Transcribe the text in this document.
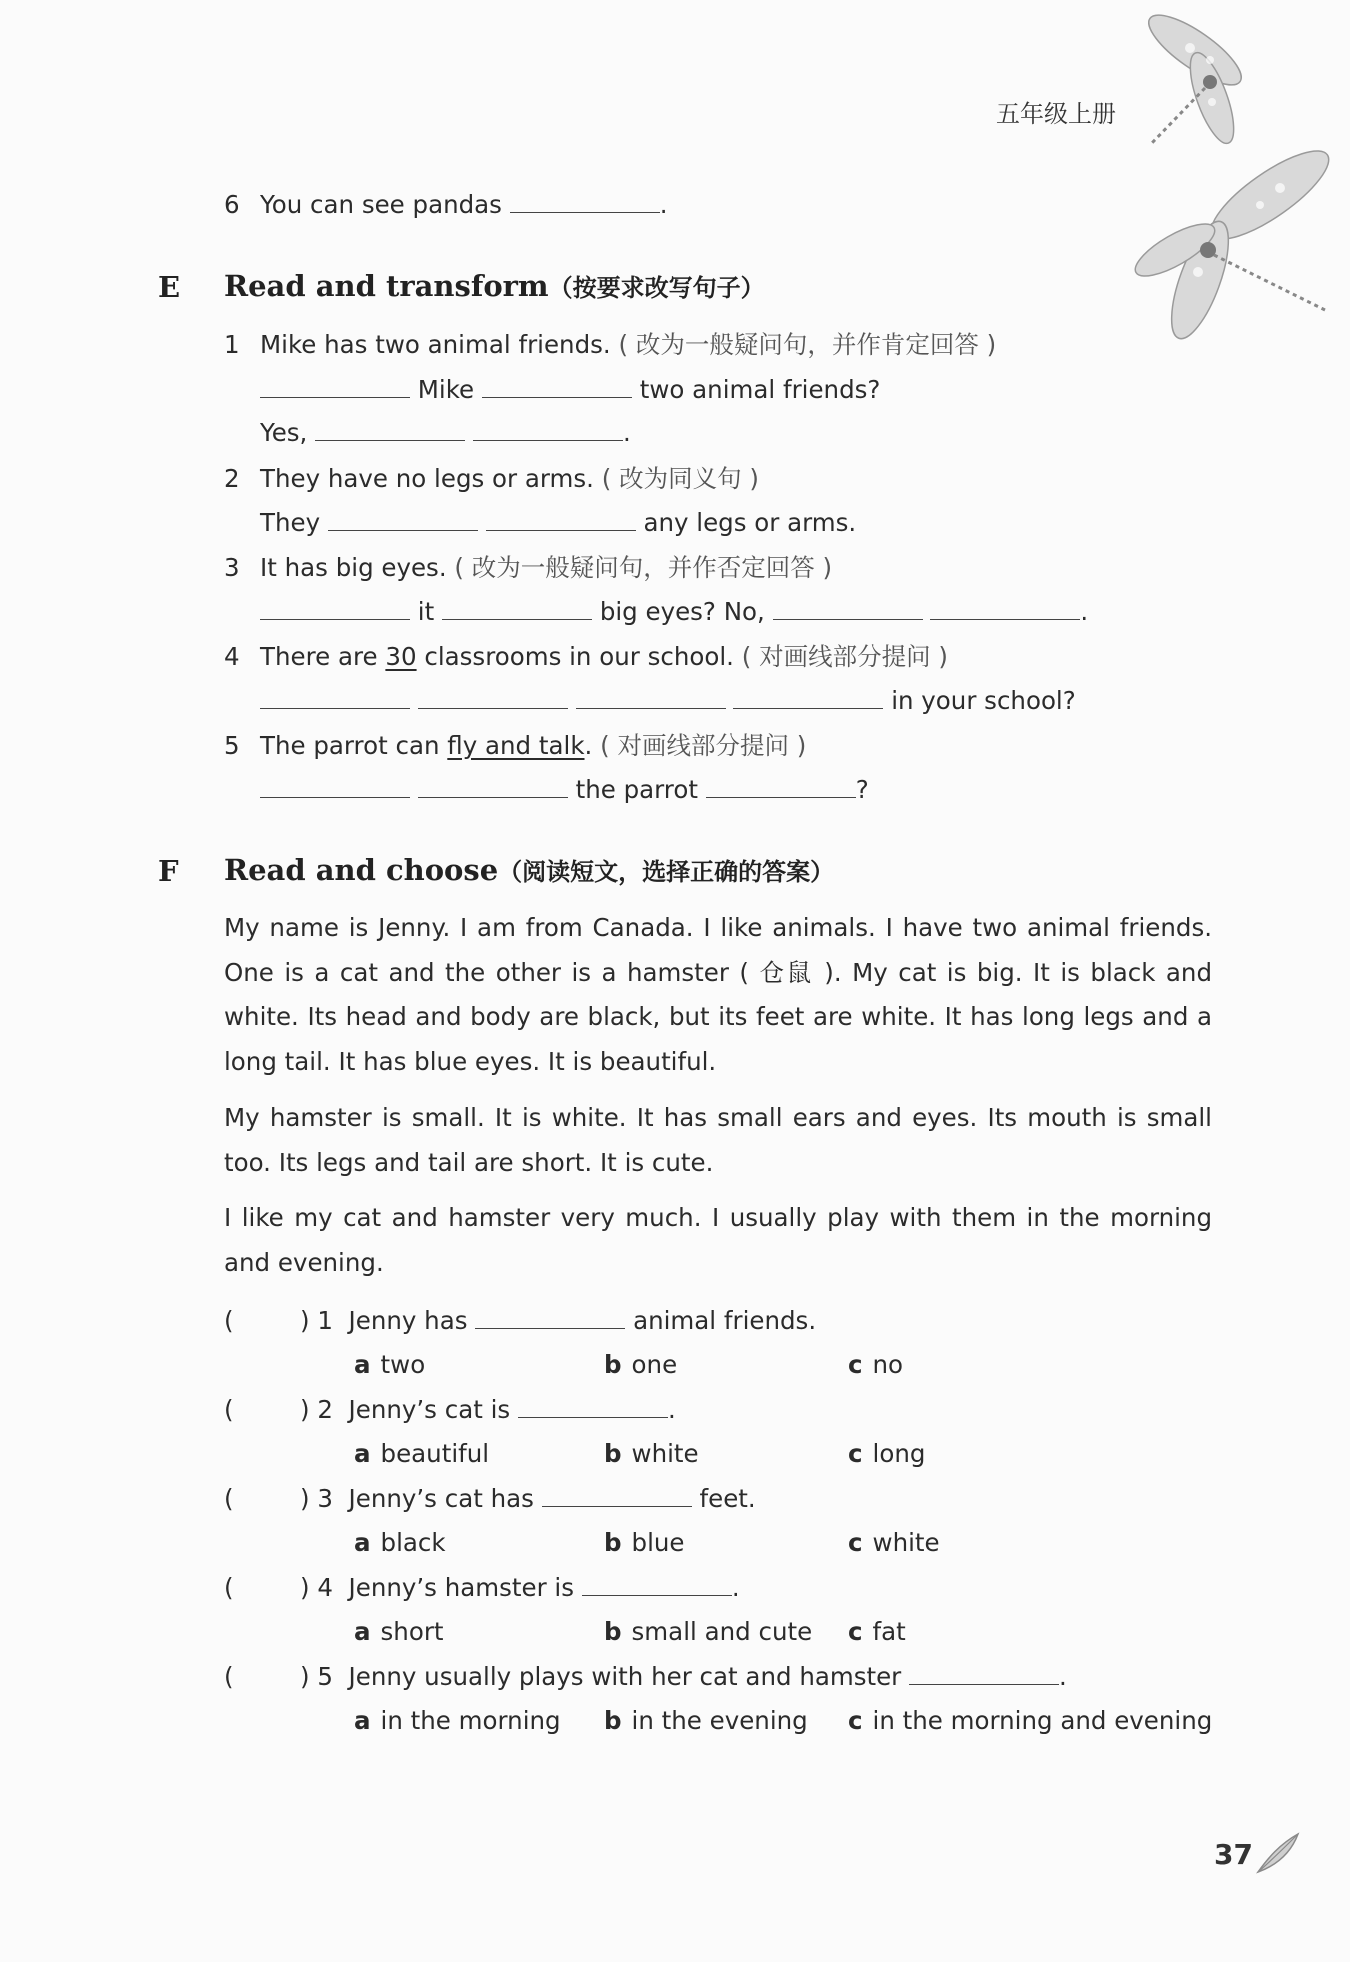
五年级上册
6 You can see pandas	.
E Read and transform（按要求改写句子）
1 Mike has two animal friends. ( 改为一般疑问句，并作肯定回答 )
Mike	two animal friends?
Yes,	.
2 They have no legs or arms. ( 改为同义句 )
They	any legs or arms.
3 It has big eyes. ( 改为一般疑问句，并作否定回答 )
it	big eyes? No,	.
4 There are 30 classrooms in our school. ( 对画线部分提问 )
in your school?
5 The parrot can fly and talk. ( 对画线部分提问 )
the parrot	?
F Read and choose（阅读短文，选择正确的答案）
My name is Jenny. I am from Canada. I like animals. I have two animal friends. One is a cat and the other is a hamster ( 仓鼠 ). My cat is big. It is black and white. Its head and body are black, but its feet are white. It has long legs and a long tail. It has blue eyes. It is beautiful.
My hamster is small. It is white. It has small ears and eyes. Its mouth is small too. Its legs and tail are short. It is cute.
I like my cat and hamster very much. I usually play with them in the morning and evening.
(	) 1 Jenny has	animal friends.
a two	b one	c no
(	) 2 Jenny’s cat is	.
a beautiful	b white	c long
(	) 3 Jenny’s cat has	feet.
a black	b blue	c white
(	) 4 Jenny’s hamster is	.
a short	b small and cute c fat
(	) 5 Jenny usually plays with her cat and hamster	.
a in the morning b in the evening c in the morning and evening
37
